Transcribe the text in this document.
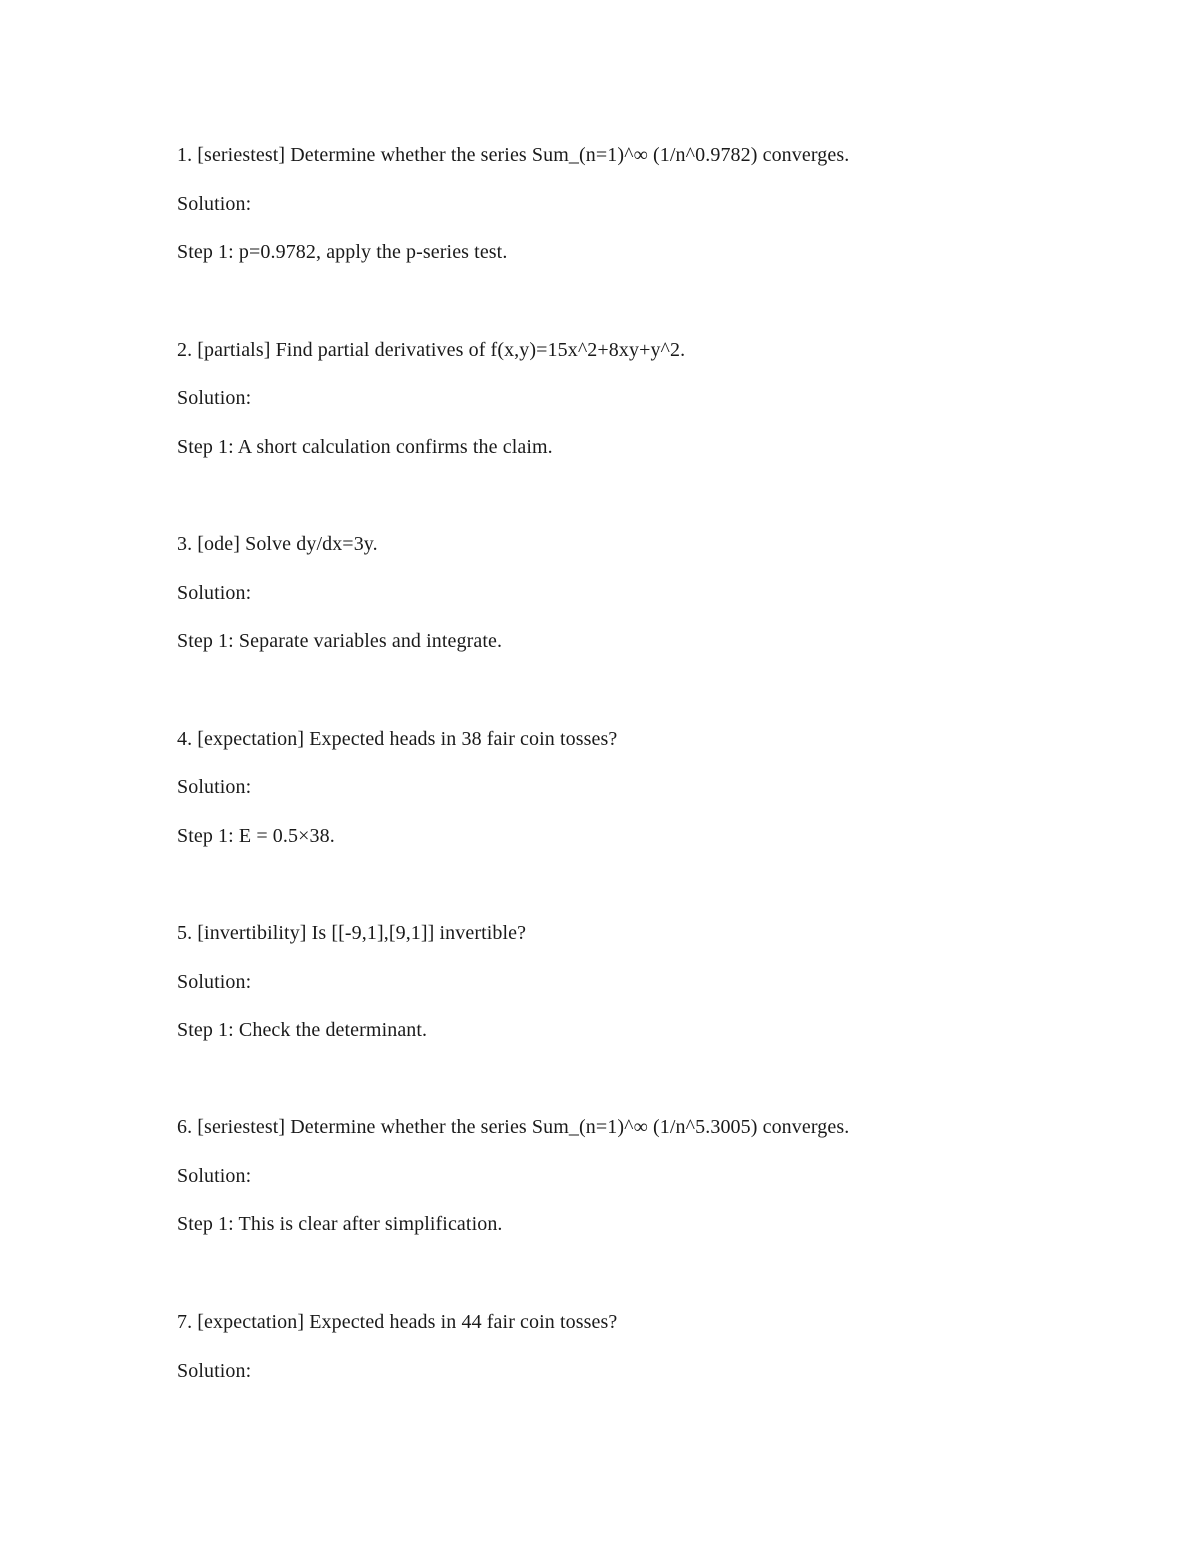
1. [seriestest] Determine whether the series Sum_(n=1)^∞ (1/n^0.9782) converges.
Solution:
Step 1: p=0.9782, apply the p-series test.
2. [partials] Find partial derivatives of f(x,y)=15x^2+8xy+y^2.
Solution:
Step 1: A short calculation confirms the claim.
3. [ode] Solve dy/dx=3y.
Solution:
Step 1: Separate variables and integrate.
4. [expectation] Expected heads in 38 fair coin tosses?
Solution:
Step 1: E = 0.5×38.
5. [invertibility] Is [[-9,1],[9,1]] invertible?
Solution:
Step 1: Check the determinant.
6. [seriestest] Determine whether the series Sum_(n=1)^∞ (1/n^5.3005) converges.
Solution:
Step 1: This is clear after simplification.
7. [expectation] Expected heads in 44 fair coin tosses?
Solution:
